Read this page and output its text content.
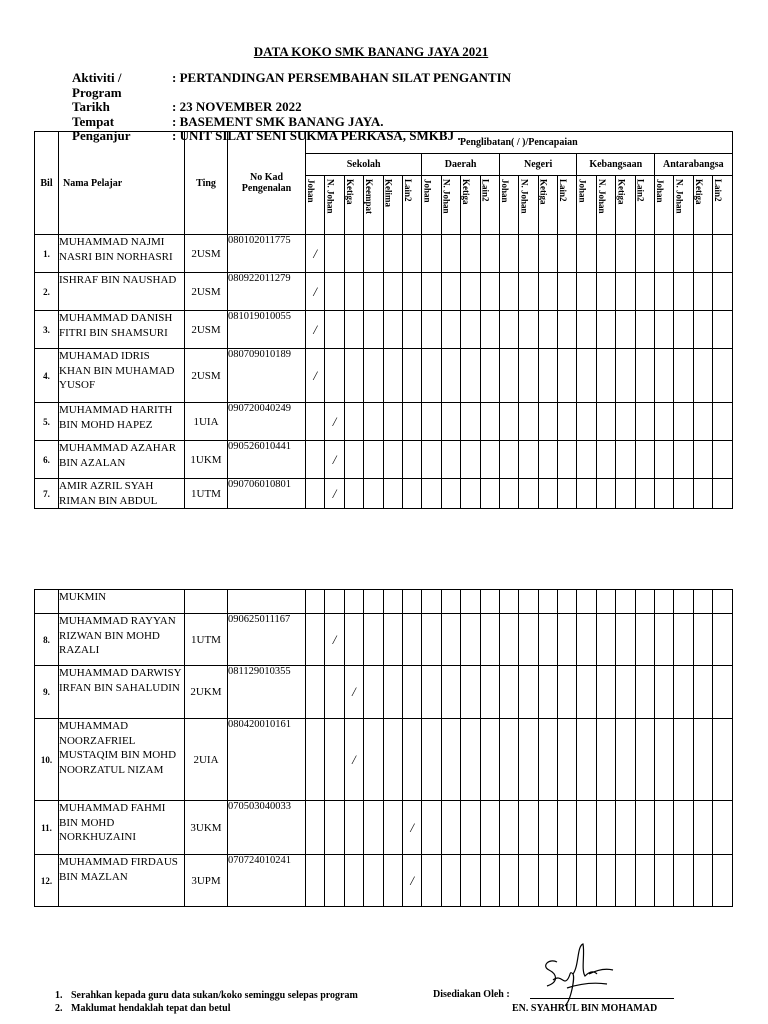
DATA KOKO SMK BANANG JAYA 2021
Aktiviti / Program
: PERTANDINGAN PERSEMBAHAN SILAT PENGANTIN
Tarikh	: 23 NOVEMBER 2022
Tempat	: BASEMENT SMK BANANG JAYA.
Penganjur	: UNIT SILAT SENI SUKMA PERKASA, SMKBJ .
Bil	Nama Pelajar	Ting	No Kad Pengenalan	Penglibatan( / )/Pencapaian																					
				Sekolah						Daerah				Negeri				Kebangsaan				Antarabangsa			

				Johan	N. Johan	Ketiga	Keempat	Kelima	Lain2	Johan	N. Johan	Ketiga	Lain2	Johan	N. Johan	Ketiga	Lain2	Johan	N. Johan	Ketiga	Lain2	Johan	N. Johan	Ketiga	Lain2

1.	MUHAMMAD NAJMI NASRI BIN NORHASRI	2USM	080102011775	/																					
2.	ISHRAF BIN NAUSHAD	2USM	080922011279	/																					
3.	MUHAMMAD DANISH FITRI BIN SHAMSURI	2USM	081019010055	/																					
4.	MUHAMAD IDRIS KHAN BIN MUHAMAD YUSOF	2USM	080709010189	/																					
5.	MUHAMMAD HARITH BIN MOHD HAPEZ	1UIA	090720040249		/																				
6.	MUHAMMAD AZAHAR BIN AZALAN	1UKM	090526010441		/																				
7.	AMIR AZRIL SYAH RIMAN BIN ABDUL	1UTM	090706010801		/																				
	MUKMIN																								
8.	MUHAMMAD RAYYAN RIZWAN BIN MOHD RAZALI	1UTM	090625011167		/																				
9.	MUHAMMAD DARWISY IRFAN BIN SAHALUDIN	2UKM	081129010355			/																			
10.	MUHAMMAD NOORZAFRIEL MUSTAQIM BIN MOHD NOORZATUL NIZAM	2UIA	080420010161			/																			
11.	MUHAMMAD FAHMI BIN MOHD NORKHUZAINI	3UKM	070503040033						/																
12.	MUHAMMAD FIRDAUS BIN MAZLAN	3UPM	070724010241						/																
1. Serahkan kepada guru data sukan/koko seminggu selepas program
2. Maklumat hendaklah tepat dan betul
Disediakan Oleh :
EN. SYAHRUL BIN MOHAMAD
